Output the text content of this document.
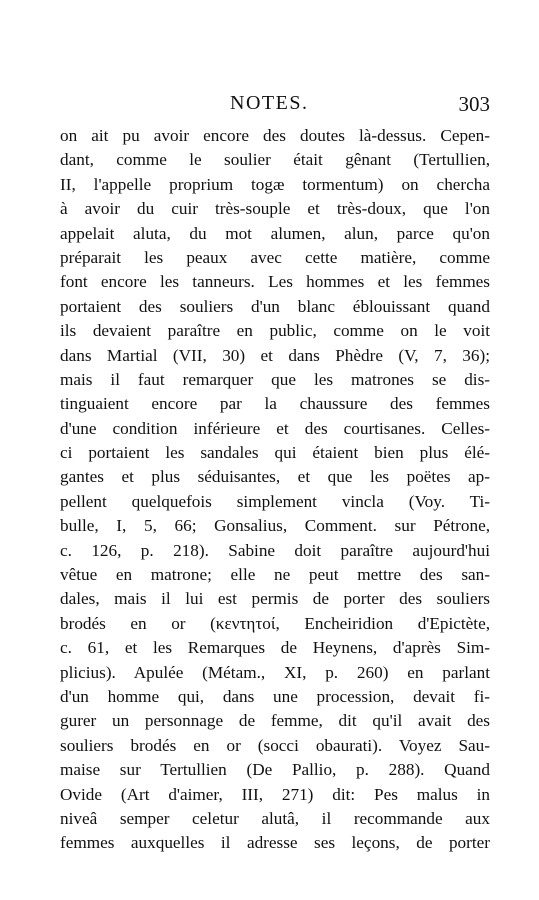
NOTES.	303
on ait pu avoir encore des doutes là-dessus. Cepen-
dant, comme le soulier était gênant (Tertullien,
II, l'appelle proprium togæ tormentum) on chercha
à avoir du cuir très-souple et très-doux, que l'on
appelait aluta, du mot alumen, alun, parce qu'on
préparait les peaux avec cette matière, comme
font encore les tanneurs. Les hommes et les femmes
portaient des souliers d'un blanc éblouissant quand
ils devaient paraître en public, comme on le voit
dans Martial (VII, 30) et dans Phèdre (V, 7, 36);
mais il faut remarquer que les matrones se dis-
tinguaient encore par la chaussure des femmes
d'une condition inférieure et des courtisanes. Celles-
ci portaient les sandales qui étaient bien plus élé-
gantes et plus séduisantes, et que les poëtes ap-
pellent quelquefois simplement vincla (Voy. Ti-
bulle, I, 5, 66; Gonsalius, Comment. sur Pétrone,
c. 126, p. 218). Sabine doit paraître aujourd'hui
vêtue en matrone; elle ne peut mettre des san-
dales, mais il lui est permis de porter des souliers
brodés en or (κεντητοί, Encheiridion d'Epictète,
c. 61, et les Remarques de Heynens, d'après Sim-
plicius). Apulée (Métam., XI, p. 260) en parlant
d'un homme qui, dans une procession, devait fi-
gurer un personnage de femme, dit qu'il avait des
souliers brodés en or (socci obaurati). Voyez Sau-
maise sur Tertullien (De Pallio, p. 288). Quand
Ovide (Art d'aimer, III, 271) dit: Pes malus in
niveâ semper celetur alutâ, il recommande aux
femmes auxquelles il adresse ses leçons, de porter
